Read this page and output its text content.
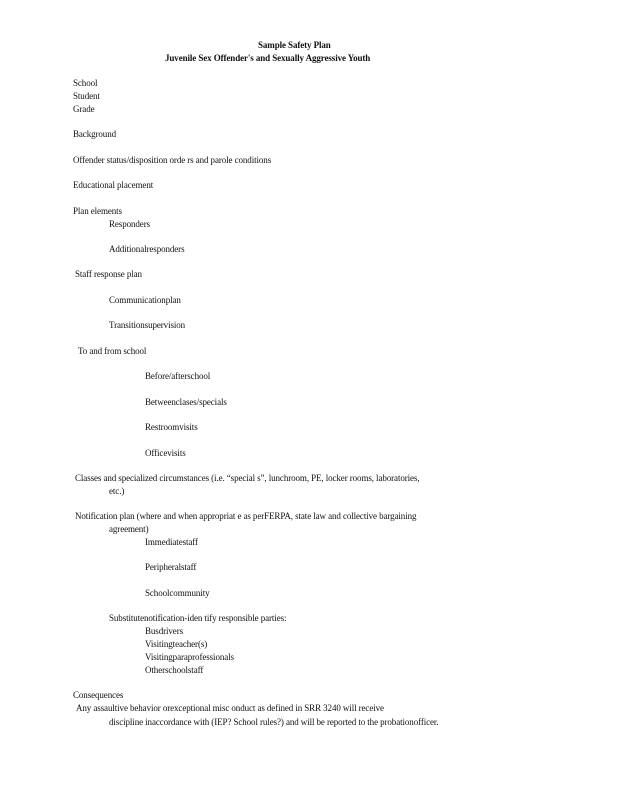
Sample Safety Plan
Juvenile Sex Offender's and Sexually Aggressive Youth
School
Student
Grade
Background
Offender status/disposition orde rs and parole conditions
Educational placement
Plan elements
Responders
Additionalresponders
Staff response plan
Communicationplan
Transitionsupervision
To and from school
Before/afterschool
Betweenclases/specials
Restroomvisits
Officevisits
Classes and specialized circumstances (i.e. “special s”, lunchroom, PE, locker rooms, laboratories,
etc.)
Notification plan (where and when appropriat e as perFERPA, state law and collective bargaining
agreement)
Immediatestaff
Peripheralstaff
Schoolcommunity
Substitutenotification-iden tify responsible parties:
Busdrivers
Visitingteacher(s)
Visitingparaprofessionals
Otherschoolstaff
Consequences
Any assaultive behavior orexceptional misc onduct as defined in SRR 3240 will receive
discipline inaccordance with (IEP? School rules?) and will be reported to the probationofficer.
